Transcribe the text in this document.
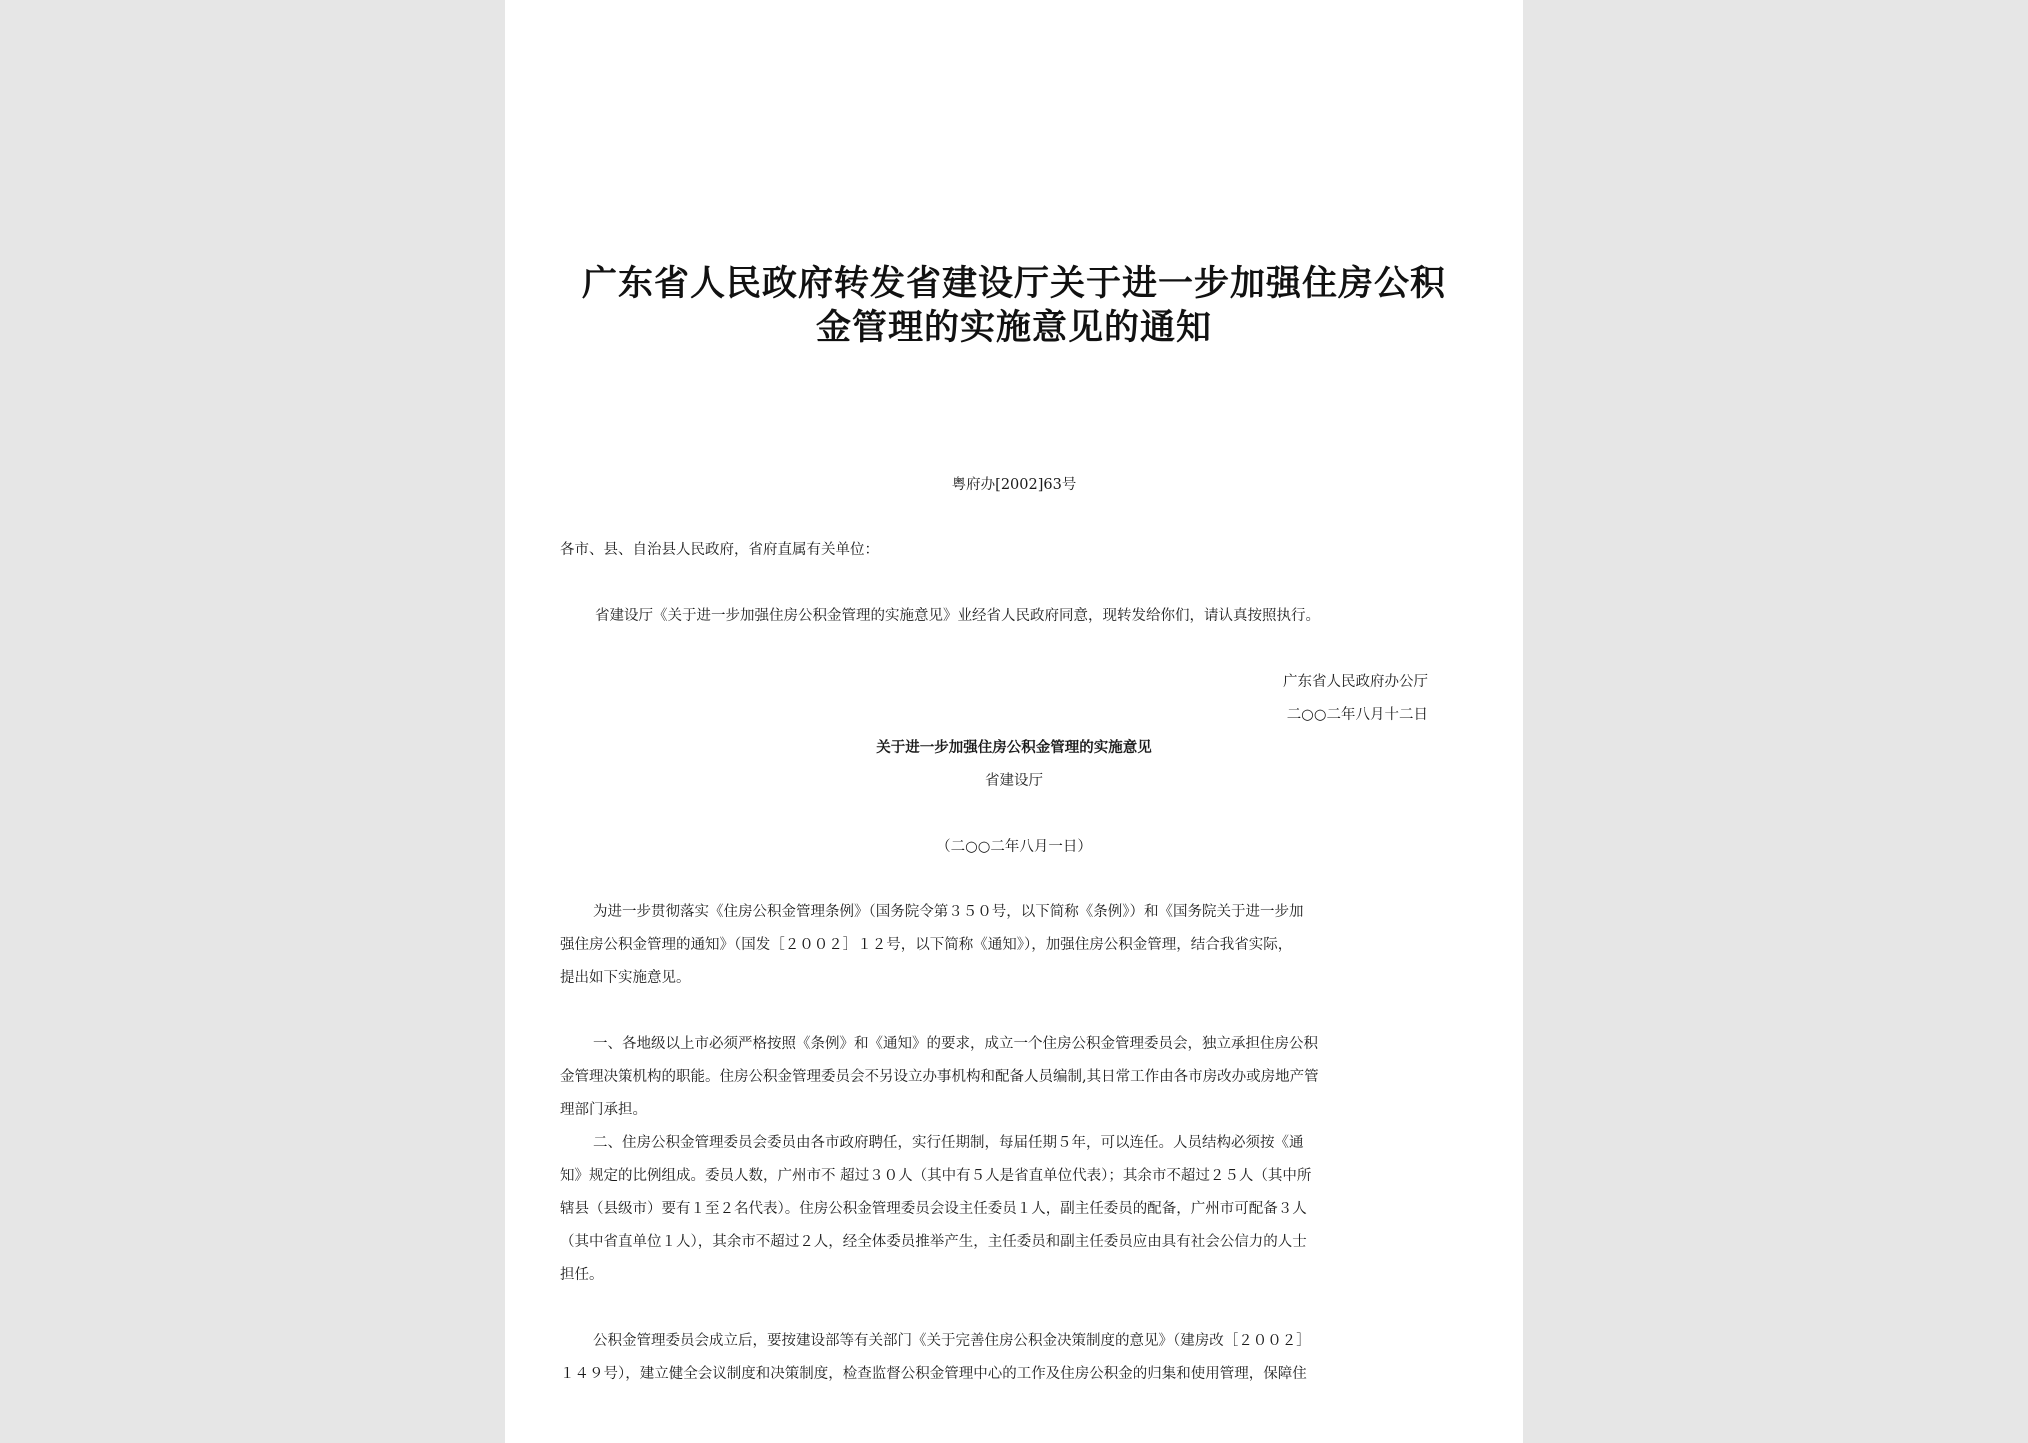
广东省人民政府转发省建设厅关于进一步加强住房公积
金管理的实施意见的通知
粤府办[2002]63号
各市、县、自治县人民政府，省府直属有关单位：
省建设厅《关于进一步加强住房公积金管理的实施意见》业经省人民政府同意，现转发给你们，请认真按照执行。
广东省人民政府办公厅
二○○二年八月十二日
关于进一步加强住房公积金管理的实施意见
省建设厅
（二○○二年八月一日）
为进一步贯彻落实《住房公积金管理条例》（国务院令第３５０号，以下简称《条例》）和《国务院关于进一步加
强住房公积金管理的通知》（国发［２００２］１２号，以下简称《通知》），加强住房公积金管理，结合我省实际，
提出如下实施意见。
一、各地级以上市必须严格按照《条例》和《通知》的要求，成立一个住房公积金管理委员会，独立承担住房公积
金管理决策机构的职能。住房公积金管理委员会不另设立办事机构和配备人员编制,其日常工作由各市房改办或房地产管
理部门承担。
二、住房公积金管理委员会委员由各市政府聘任，实行任期制，每届任期５年，可以连任。人员结构必须按《通
知》规定的比例组成。委员人数，广州市不 超过３０人（其中有５人是省直单位代表）；其余市不超过２５人（其中所
辖县（县级市）要有１至２名代表）。住房公积金管理委员会设主任委员１人，副主任委员的配备，广州市可配备３人
（其中省直单位１人），其余市不超过２人，经全体委员推举产生，主任委员和副主任委员应由具有社会公信力的人士
担任。
公积金管理委员会成立后，要按建设部等有关部门《关于完善住房公积金决策制度的意见》（建房改［２００２］
１４９号），建立健全会议制度和决策制度，检查监督公积金管理中心的工作及住房公积金的归集和使用管理，保障住
